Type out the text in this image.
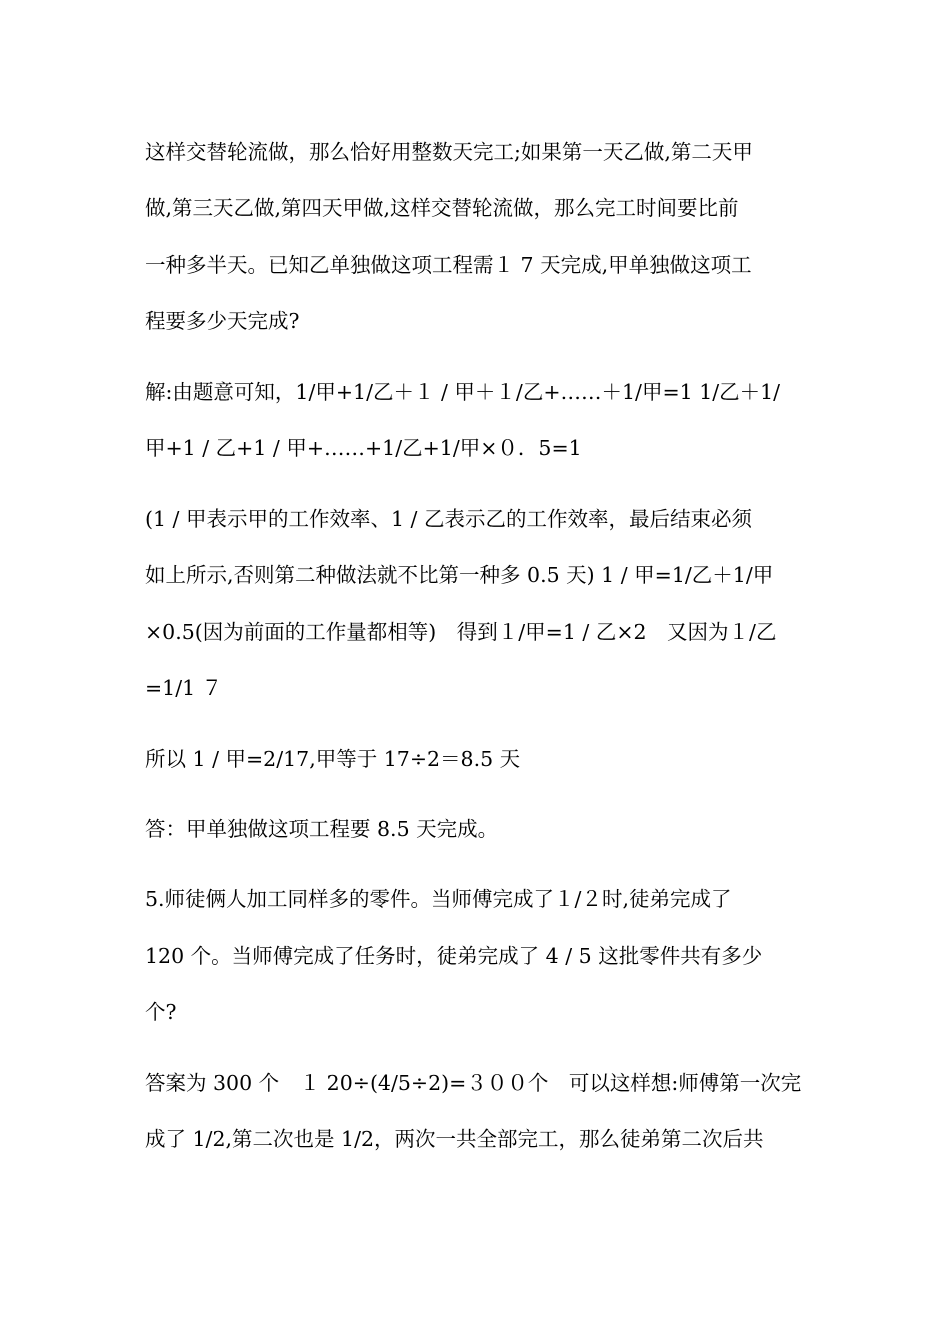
这样交替轮流做，那么恰好用整数天完工;如果第一天乙做,第二天甲
做,第三天乙做,第四天甲做,这样交替轮流做，那么完工时间要比前
一种多半天。已知乙单独做这项工程需１ 7 天完成,甲单独做这项工
程要多少天完成?
解:由题意可知，1/甲+1/乙＋１ / 甲＋１/乙+……＋1/甲=1 1/乙＋1/
甲+1 / 乙+1 / 甲+……+1/乙+1/甲×０．5=1
(1 / 甲表示甲的工作效率、1 / 乙表示乙的工作效率，最后结束必须
如上所示,否则第二种做法就不比第一种多 0.5 天) 1 / 甲=1/乙＋1/甲
×0.5(因为前面的工作量都相等)　得到１/甲=1 / 乙×2　又因为１/乙
=1/1 ７
所以 1 / 甲=2/17,甲等于 17÷2＝8.5 天
答：甲单独做这项工程要 8.5 天完成。
5.师徒俩人加工同样多的零件。当师傅完成了１/２时,徒弟完成了
120 个。当师傅完成了任务时，徒弟完成了 4 / 5 这批零件共有多少
个?
答案为 300 个　１ 20÷(4/5÷2)=３００个　可以这样想:师傅第一次完
成了 1/2,第二次也是 1/2，两次一共全部完工，那么徒弟第二次后共
